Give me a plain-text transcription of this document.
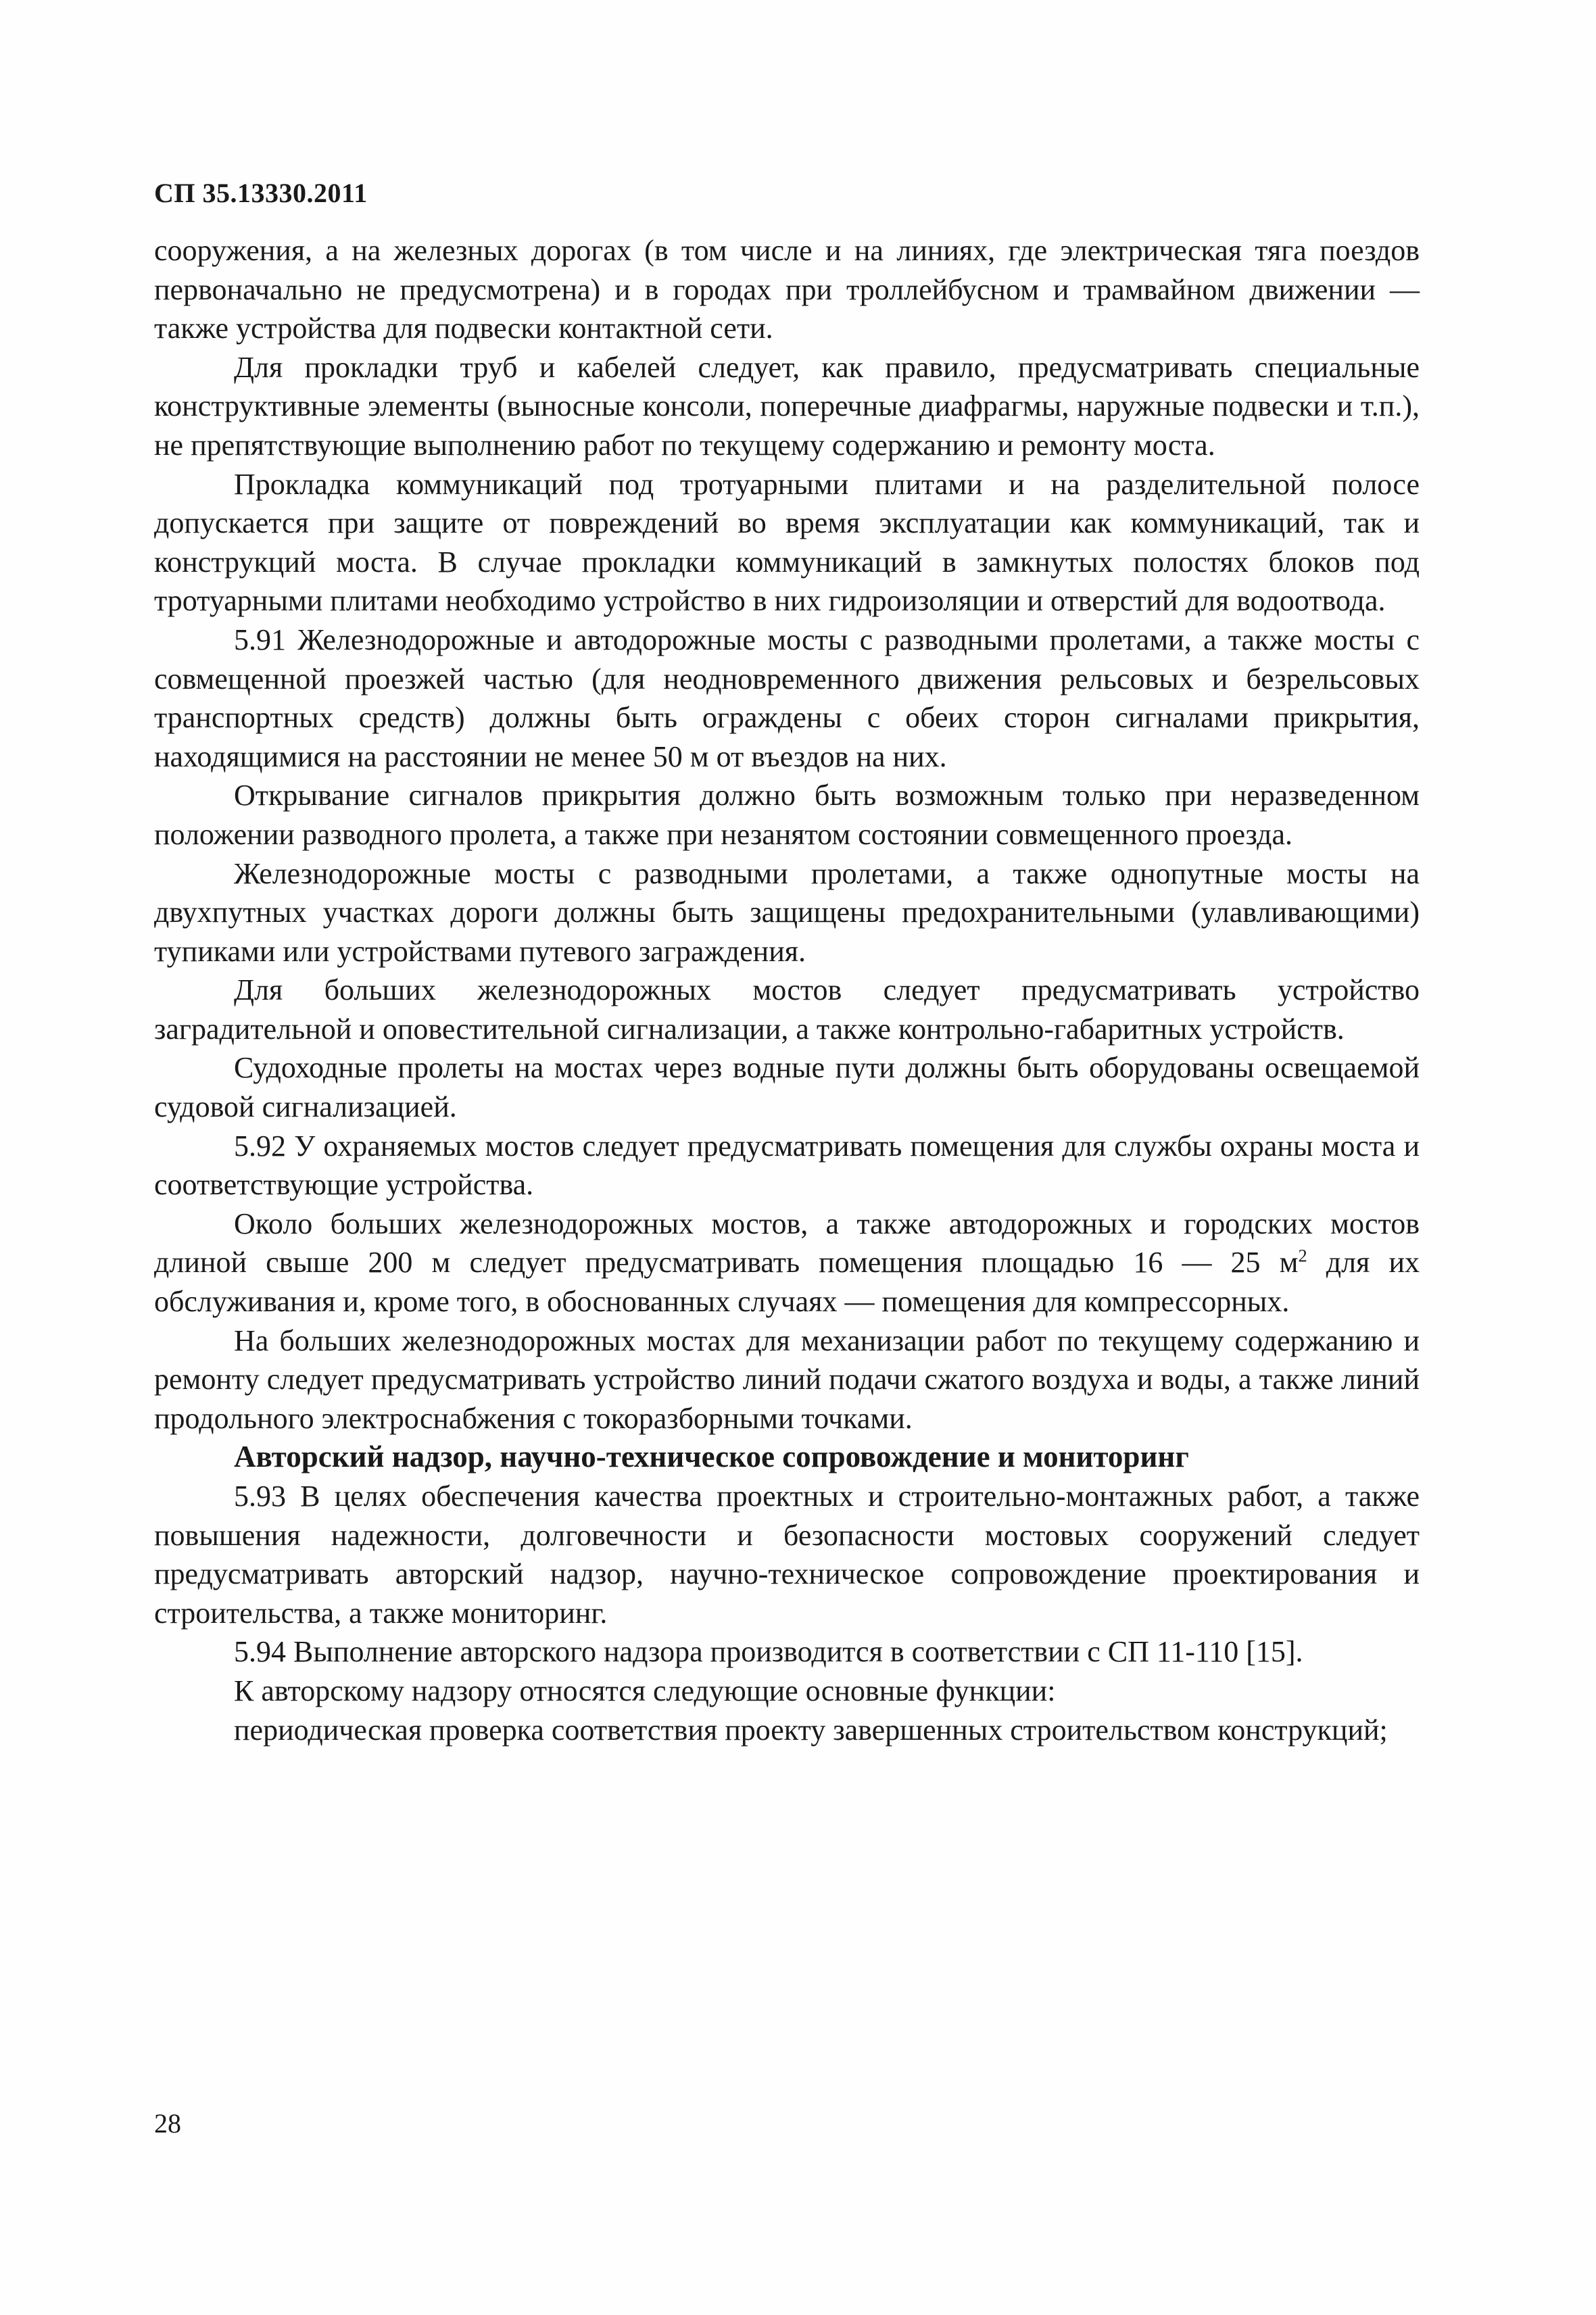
СП 35.13330.2011

сооружения, а на железных дорогах (в том числе и на линиях, где электрическая тяга поездов первоначально не предусмотрена) и в городах при троллейбусном и трамвайном движении — также устройства для подвески контактной сети.

Для прокладки труб и кабелей следует, как правило, предусматривать специальные конструктивные элементы (выносные консоли, поперечные диафрагмы, наружные подвески и т.п.), не препятствующие выполнению работ по текущему содержанию и ремонту моста.

Прокладка коммуникаций под тротуарными плитами и на разделительной полосе допускается при защите от повреждений во время эксплуатации как коммуникаций, так и конструкций моста. В случае прокладки коммуникаций в замкнутых полостях блоков под тротуарными плитами необходимо устройство в них гидроизоляции и отверстий для водоотвода.

5.91 Железнодорожные и автодорожные мосты с разводными пролетами, а также мосты с совмещенной проезжей частью (для неодновременного движения рельсовых и безрельсовых транспортных средств) должны быть ограждены с обеих сторон сигналами прикрытия, находящимися на расстоянии не менее 50 м от въездов на них.

Открывание сигналов прикрытия должно быть возможным только при неразведенном положении разводного пролета, а также при незанятом состоянии совмещенного проезда.

Железнодорожные мосты с разводными пролетами, а также однопутные мосты на двухпутных участках дороги должны быть защищены предохранительными (улавливающими) тупиками или устройствами путевого заграждения.

Для больших железнодорожных мостов следует предусматривать устройство заградительной и оповестительной сигнализации, а также контрольно-габаритных устройств.

Судоходные пролеты на мостах через водные пути должны быть оборудованы освещаемой судовой сигнализацией.

5.92 У охраняемых мостов следует предусматривать помещения для службы охраны моста и соответствующие устройства.

Около больших железнодорожных мостов, а также автодорожных и городских мостов длиной свыше 200 м следует предусматривать помещения площадью 16 — 25 $м^2$ для их обслуживания и, кроме того, в обоснованных случаях — помещения для компрессорных.

На больших железнодорожных мостах для механизации работ по текущему содержанию и ремонту следует предусматривать устройство линий подачи сжатого воздуха и воды, а также линий продольного электроснабжения с токоразборными точками.

Авторский надзор, научно-техническое сопровождение и мониторинг

5.93 В целях обеспечения качества проектных и строительно-монтажных работ, а также повышения надежности, долговечности и безопасности мостовых сооружений следует предусматривать авторский надзор, научно-техническое сопровождение проектирования и строительства, а также мониторинг.

5.94 Выполнение авторского надзора производится в соответствии с СП 11-110 [15].

К авторскому надзору относятся следующие основные функции:

периодическая проверка соответствия проекту завершенных строительством конструкций;

28
